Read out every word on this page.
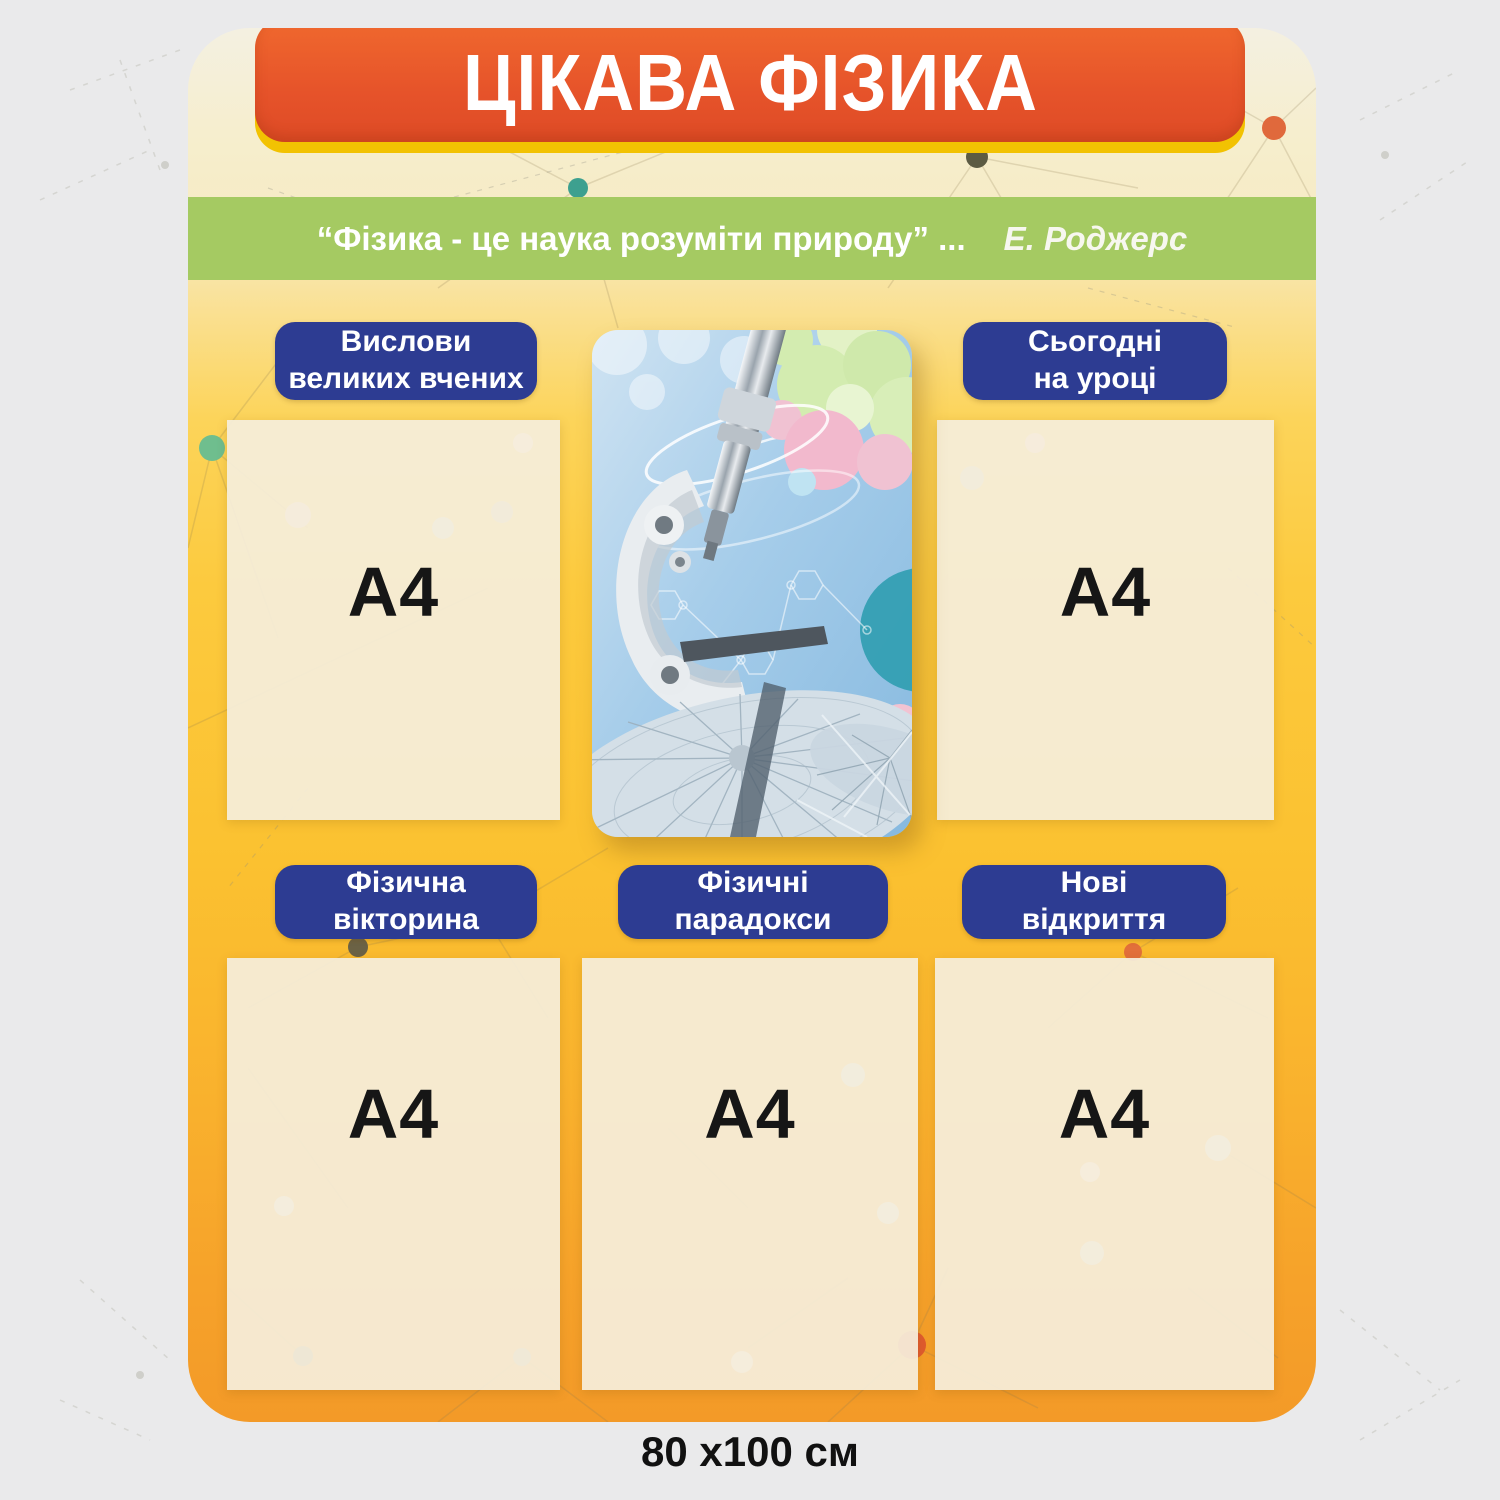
ЦІКАВА ФІЗИКА
“Фізика - це наука розуміти природу” ... Е. Роджерс
Вислови
великих вчених
Сьогодні
на уроці
Фізична
вікторина
Фізичні
парадокси
Нові
відкриття
А4	А4
А4	А4	А4
80 х100 см
